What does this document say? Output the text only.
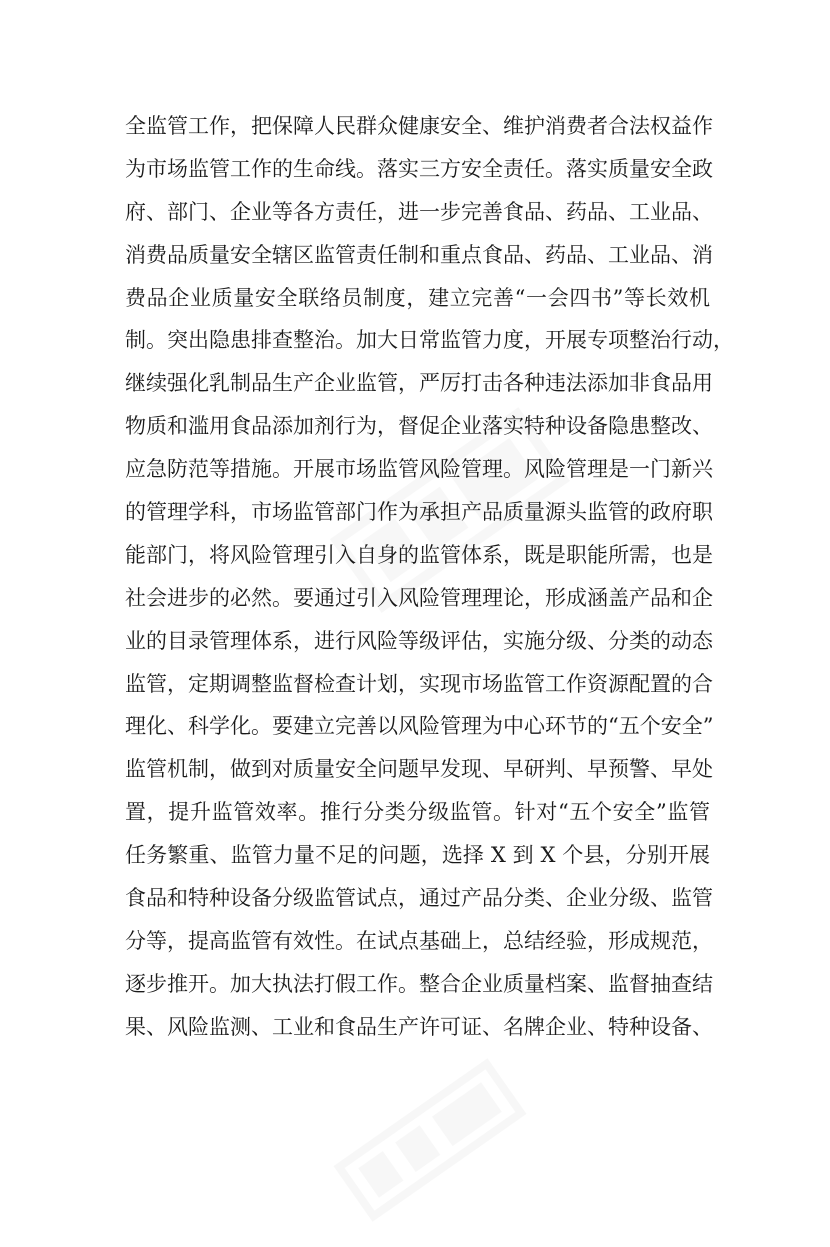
全监管工作，把保障人民群众健康安全、维护消费者合法权益作
为市场监管工作的生命线。落实三方安全责任。落实质量安全政
府、部门、企业等各方责任，进一步完善食品、药品、工业品、
消费品质量安全辖区监管责任制和重点食品、药品、工业品、消
费品企业质量安全联络员制度，建立完善“一会四书”等长效机
制。突出隐患排查整治。加大日常监管力度，开展专项整治行动，
继续强化乳制品生产企业监管，严厉打击各种违法添加非食品用
物质和滥用食品添加剂行为，督促企业落实特种设备隐患整改、
应急防范等措施。开展市场监管风险管理。风险管理是一门新兴
的管理学科，市场监管部门作为承担产品质量源头监管的政府职
能部门，将风险管理引入自身的监管体系，既是职能所需，也是
社会进步的必然。要通过引入风险管理理论，形成涵盖产品和企
业的目录管理体系，进行风险等级评估，实施分级、分类的动态
监管，定期调整监督检查计划，实现市场监管工作资源配置的合
理化、科学化。要建立完善以风险管理为中心环节的“五个安全”
监管机制，做到对质量安全问题早发现、早研判、早预警、早处
置，提升监管效率。推行分类分级监管。针对“五个安全”监管
任务繁重、监管力量不足的问题，选择 X 到 X 个县，分别开展
食品和特种设备分级监管试点，通过产品分类、企业分级、监管
分等，提高监管有效性。在试点基础上，总结经验，形成规范，
逐步推开。加大执法打假工作。整合企业质量档案、监督抽查结
果、风险监测、工业和食品生产许可证、名牌企业、特种设备、
